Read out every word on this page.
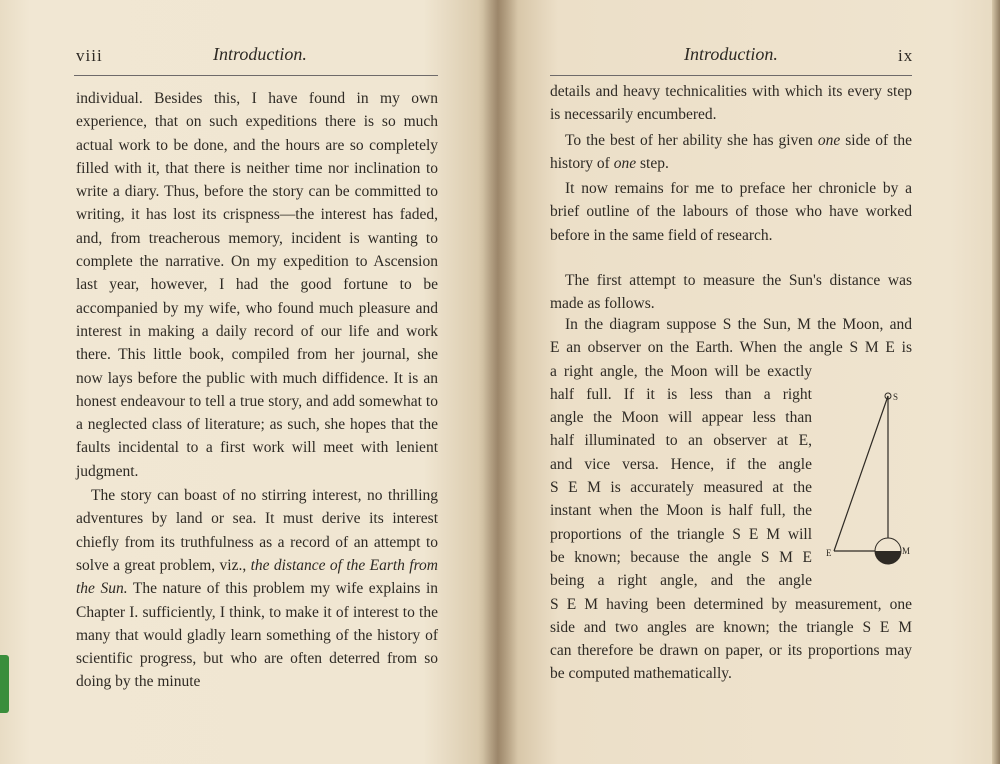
viii	Introduction.

individual. Besides this, I have found in my own experience, that on such expeditions there is so much actual work to be done, and the hours are so completely filled with it, that there is neither time nor inclination to write a diary. Thus, before the story can be committed to writing, it has lost its crispness—the interest has faded, and, from treacherous memory, incident is wanting to complete the narrative. On my expedition to Ascension last year, however, I had the good fortune to be accompanied by my wife, who found much pleasure and interest in making a daily record of our life and work there. This little book, compiled from her journal, she now lays before the public with much diffidence. It is an honest endeavour to tell a true story, and add somewhat to a neglected class of literature; as such, she hopes that the faults incidental to a first work will meet with lenient judgment.

The story can boast of no stirring interest, no thrilling adventures by land or sea. It must derive its interest chiefly from its truthfulness as a record of an attempt to solve a great problem, viz., the distance of the Earth from the Sun. The nature of this problem my wife explains in Chapter I. sufficiently, I think, to make it of interest to the many that would gladly learn something of the history of scientific progress, but who are often deterred from so doing by the minute

Introduction.	ix

details and heavy technicalities with which its every step is necessarily encumbered.

To the best of her ability she has given one side of the history of one step.

It now remains for me to preface her chronicle by a brief outline of the labours of those who have worked before in the same field of research.

The first attempt to measure the Sun's distance was made as follows.

In the diagram suppose S the Sun, M the Moon, and
E an observer on the Earth. When the angle S M E is
a right angle, the Moon will be exactly
half full. If it is less than a right
angle the Moon will appear less than
half illuminated to an observer at E,
and vice versa. Hence, if the angle
S E M is accurately measured at the
instant when the Moon is half full, the
proportions of the triangle S E M will
be known; because the angle S M E
being a right angle, and the angle
S E M having been determined by measurement, one
side and two angles are known; the triangle S E M
can therefore be drawn on paper, or its proportions may
be computed mathematically.
S
M
E
